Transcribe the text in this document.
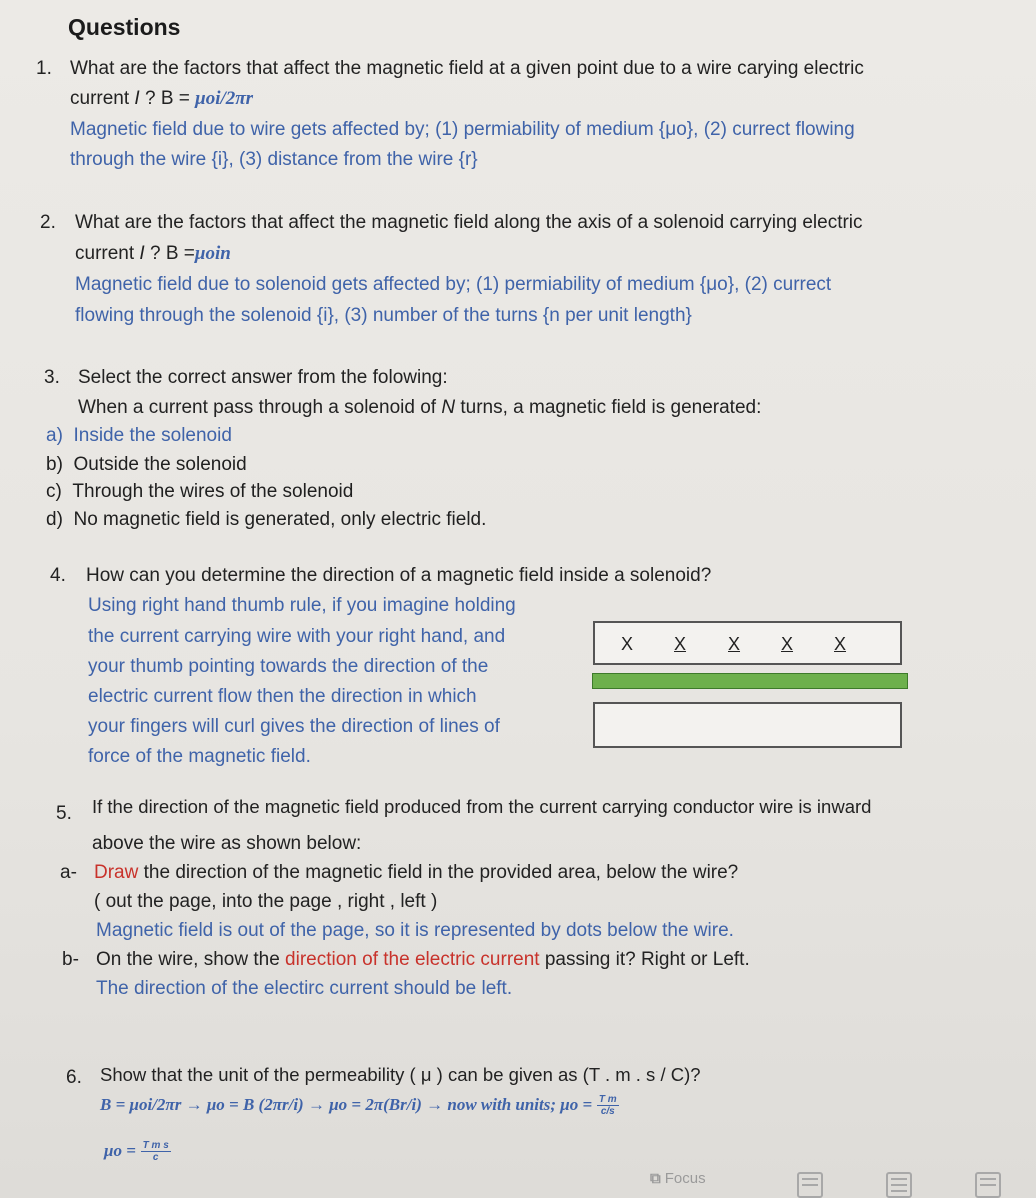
Questions
1. What are the factors that affect the magnetic field at a given point due to a wire carying electric
current I ? B = μoi/2πr
Magnetic field due to wire gets affected by; (1) permiability of medium {μo}, (2) currect flowing
through the wire {i}, (3) distance from the wire {r}
2. What are the factors that affect the magnetic field along the axis of a solenoid carrying electric
current I ? B =μoin
Magnetic field due to solenoid gets affected by; (1) permiability of medium {μo}, (2) currect
flowing through the solenoid {i}, (3) number of the turns {n per unit length}
3. Select the correct answer from the folowing:
When a current pass through a solenoid of N turns, a magnetic field is generated:
a) Inside the solenoid
b) Outside the solenoid
c) Through the wires of the solenoid
d) No magnetic field is generated, only electric field.
4. How can you determine the direction of a magnetic field inside a solenoid?
Using right hand thumb rule, if you imagine holding
the current carrying wire with your right hand, and
your thumb pointing towards the direction of the
electric current flow then the direction in which
your fingers will curl gives the direction of lines of
force of the magnetic field.
X X X X X
5. If the direction of the magnetic field produced from the current carrying conductor wire is inward
above the wire as shown below:
a- Draw the direction of the magnetic field in the provided area, below the wire?
( out the page, into the page , right , left )
Magnetic field is out of the page, so it is represented by dots below the wire.
b- On the wire, show the direction of the electric current passing it? Right or Left.
The direction of the electirc current should be left.
6. Show that the unit of the permeability ( μ ) can be given as (T . m . s / C)?
B = μoi/2πr → μo = B (2πr/i) → μo = 2π(Br/i) → now with units; $\mu o = \frac{\text{T m}}{c/s}$
$\mu o = \frac{\text{T m s}}{c}$
⧉ Focus
